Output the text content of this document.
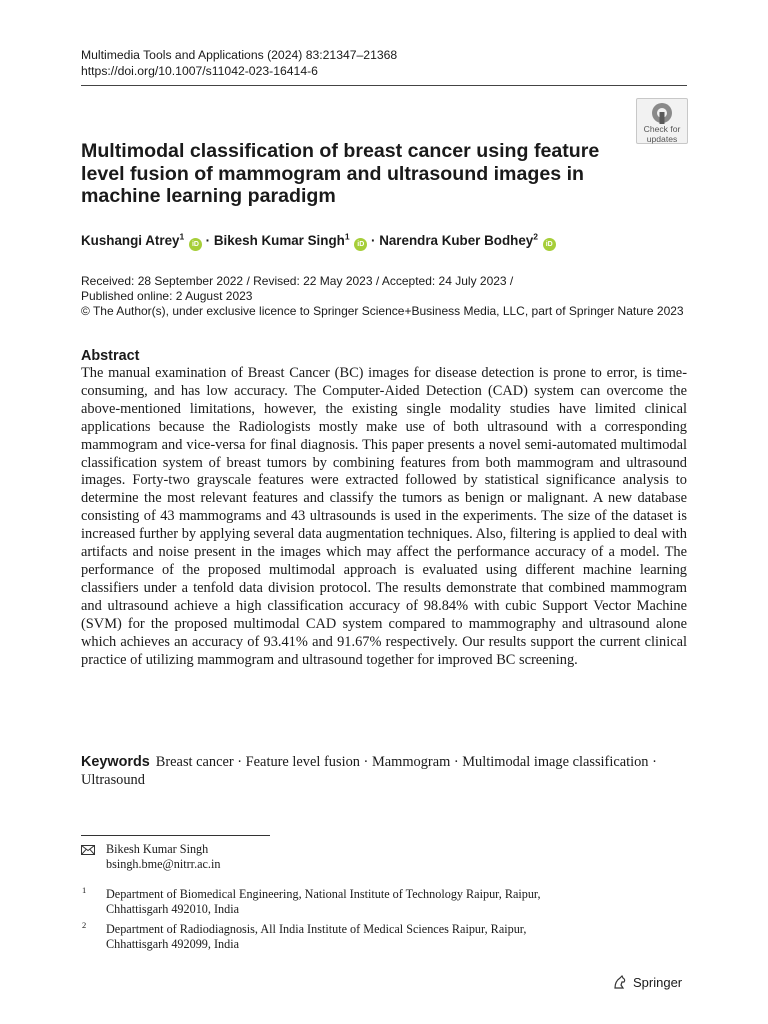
Multimedia Tools and Applications (2024) 83:21347–21368
https://doi.org/10.1007/s11042-023-16414-6
Check for
updates
Multimodal classification of breast cancer using feature level fusion of mammogram and ultrasound images in machine learning paradigm
Kushangi Atrey$^1$ iD · Bikesh Kumar Singh$^1$ iD · Narendra Kuber Bodhey$^2$ iD
Received: 28 September 2022 / Revised: 22 May 2023 / Accepted: 24 July 2023 /
Published online: 2 August 2023
© The Author(s), under exclusive licence to Springer Science+Business Media, LLC, part of Springer Nature 2023
Abstract
The manual examination of Breast Cancer (BC) images for disease detection is prone to error, is time-consuming, and has low accuracy. The Computer-Aided Detection (CAD) system can overcome the above-mentioned limitations, however, the existing single modality studies have limited clinical applications because the Radiologists mostly make use of both ultrasound with a corresponding mammogram and vice-versa for final diagnosis. This paper presents a novel semi-automated multimodal classification system of breast tumors by combining features from both mammogram and ultrasound images. Forty-two grayscale features were extracted followed by statistical significance analysis to determine the most relevant features and classify the tumors as benign or malignant. A new database consisting of 43 mammograms and 43 ultrasounds is used in the experiments. The size of the dataset is increased further by applying several data augmentation techniques. Also, filtering is applied to deal with artifacts and noise present in the images which may affect the performance accuracy of a model. The performance of the proposed multimodal approach is evaluated using different machine learning classifiers under a tenfold data division protocol. The results demonstrate that combined mammogram and ultrasound achieve a high classification accuracy of 98.84% with cubic Support Vector Machine (SVM) for the proposed multimodal CAD system compared to mammography and ultrasound alone which achieves an accuracy of 93.41% and 91.67% respectively. Our results support the current clinical practice of utilizing mammogram and ultrasound together for improved BC screening.
Keywords Breast cancer · Feature level fusion · Mammogram · Multimodal image classification · Ultrasound
Bikesh Kumar Singh
bsingh.bme@nitrr.ac.in
1 Department of Biomedical Engineering, National Institute of Technology Raipur, Raipur,
Chhattisgarh 492010, India
2 Department of Radiodiagnosis, All India Institute of Medical Sciences Raipur, Raipur,
Chhattisgarh 492099, India
Springer
